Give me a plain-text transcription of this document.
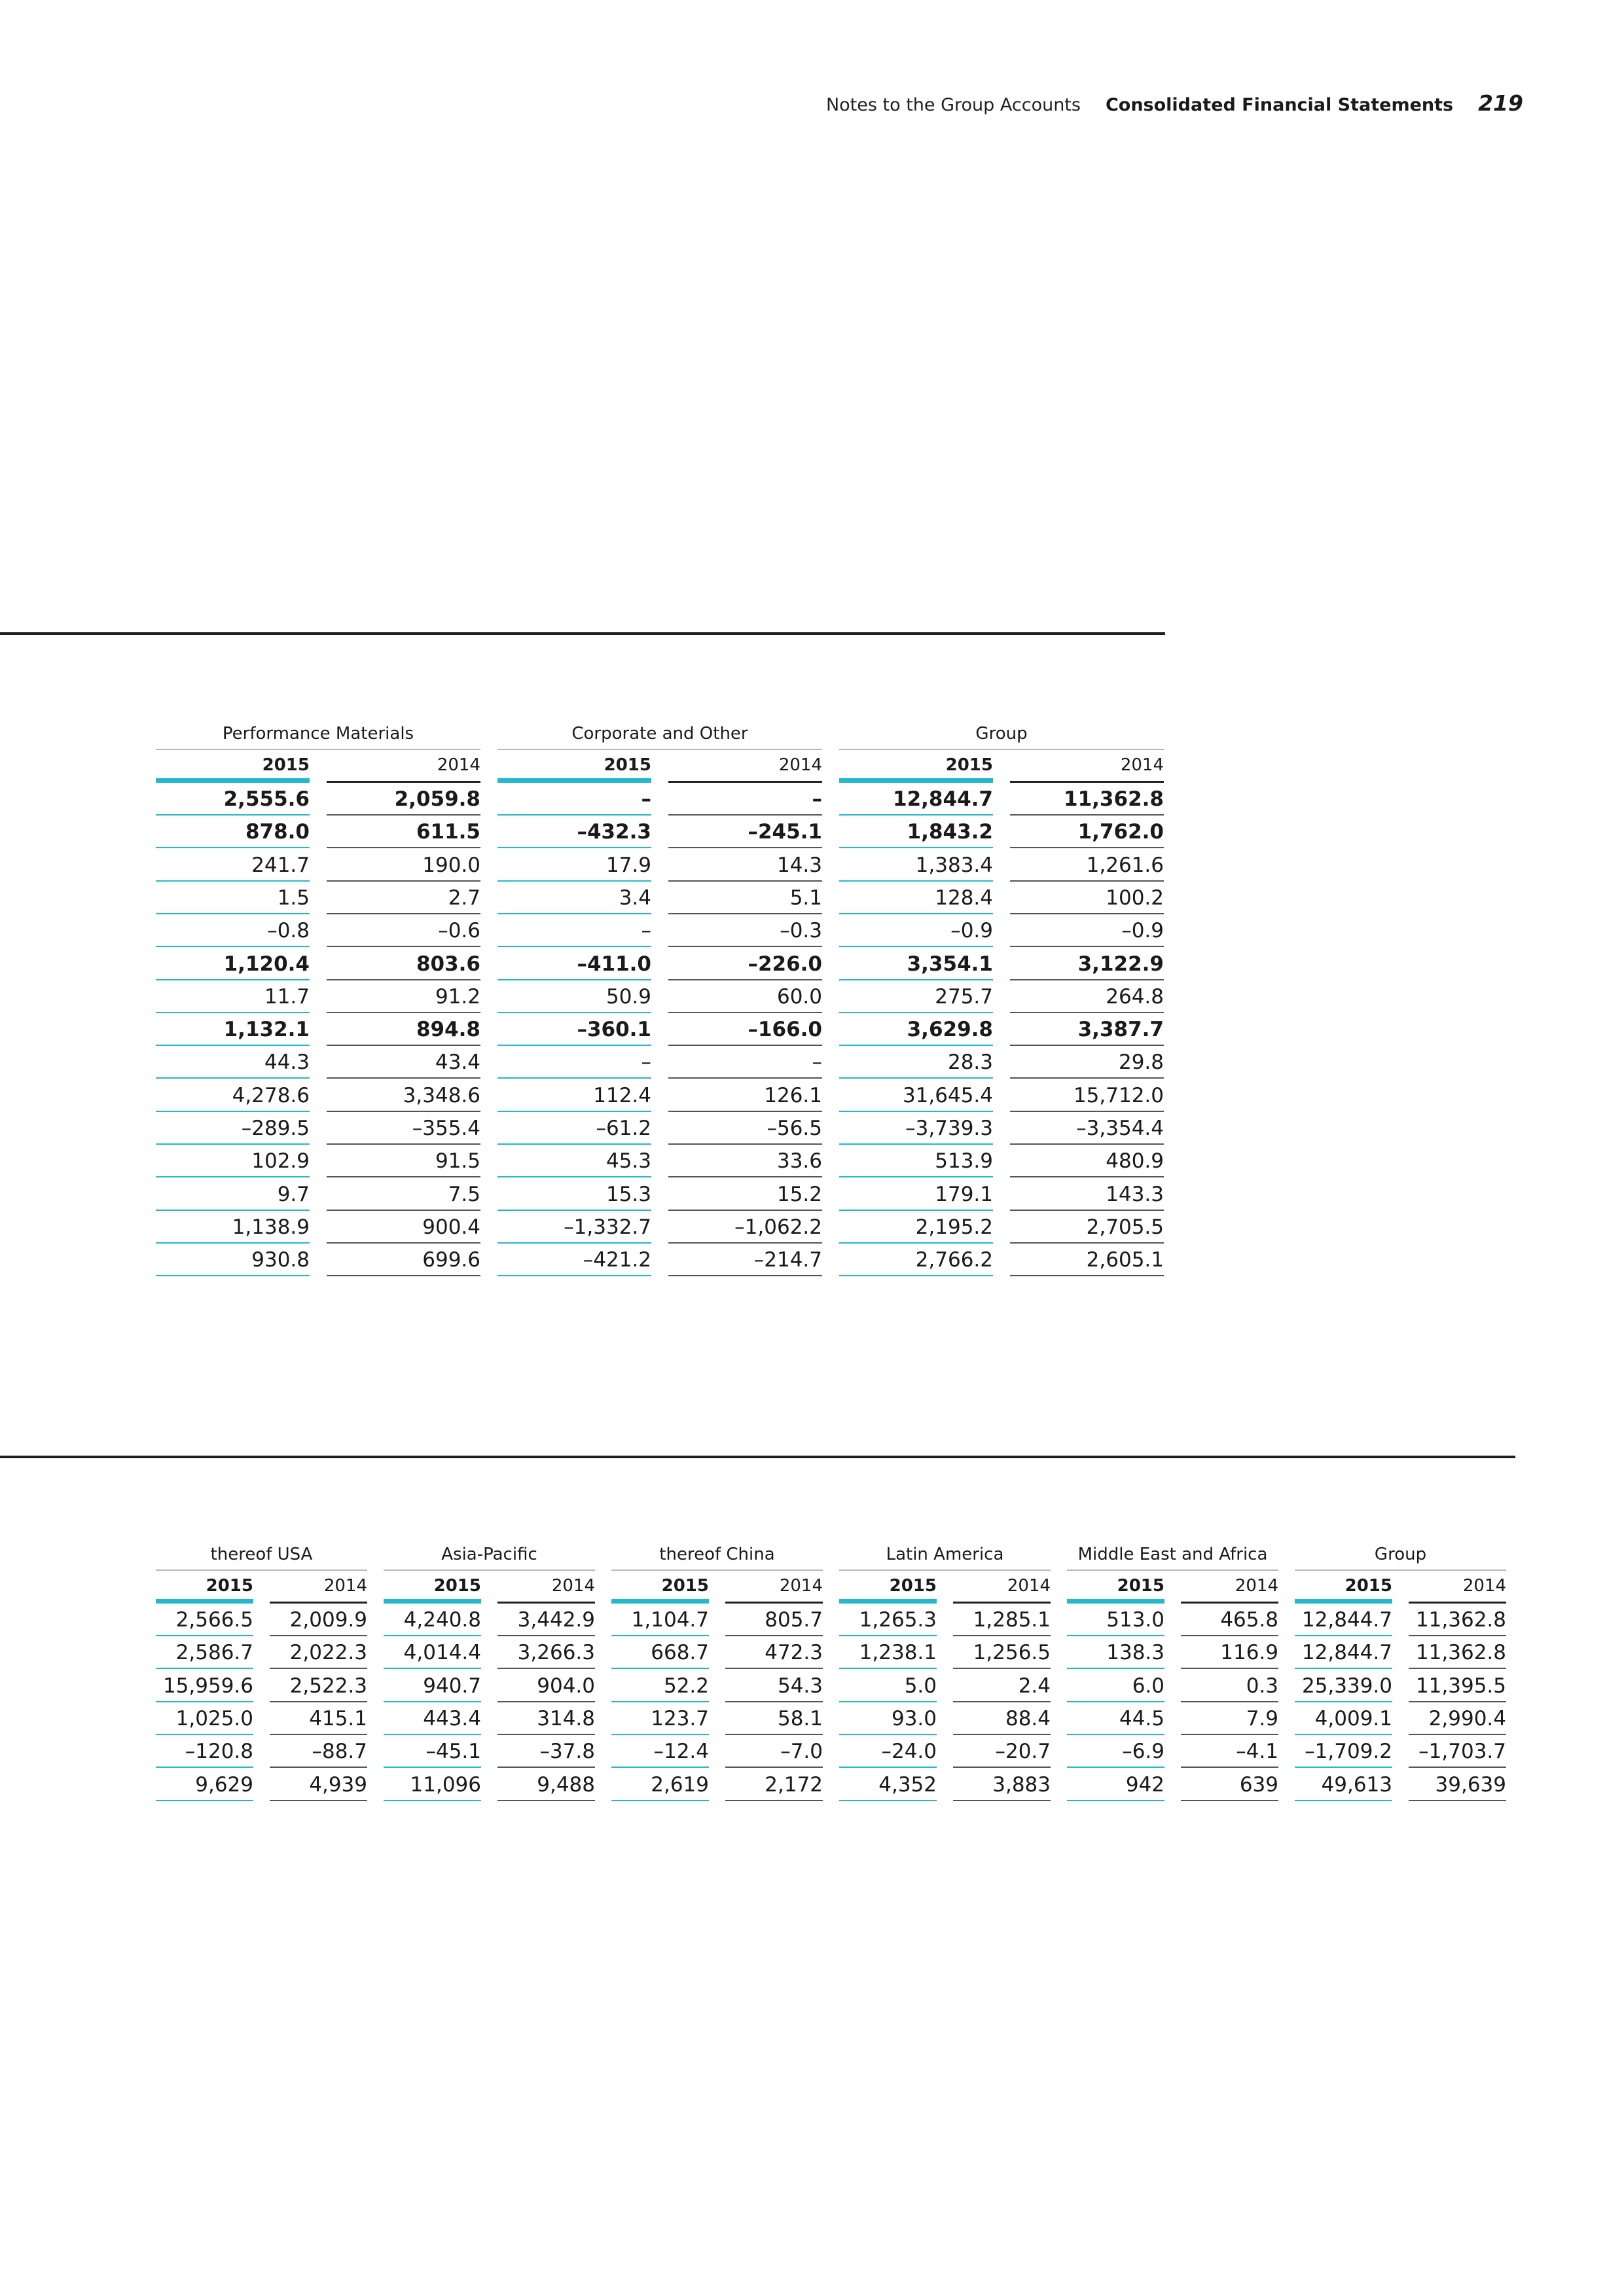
Notes to the Group Accounts Consolidated Financial Statements 219
Performance Materials	Corporate and Other	Group
2015	2014	2015	2014	2015	2014
2,555.6	2,059.8	–	–	12,844.7	11,362.8
878.0	611.5	–432.3	–245.1	1,843.2	1,762.0
241.7	190.0	17.9	14.3	1,383.4	1,261.6
1.5	2.7	3.4	5.1	128.4	100.2
–0.8	–0.6	–	–0.3	–0.9	–0.9
1,120.4	803.6	–411.0	–226.0	3,354.1	3,122.9
11.7	91.2	50.9	60.0	275.7	264.8
1,132.1	894.8	–360.1	–166.0	3,629.8	3,387.7
44.3	43.4	–	–	28.3	29.8
4,278.6	3,348.6	112.4	126.1	31,645.4	15,712.0
–289.5	–355.4	–61.2	–56.5	–3,739.3	–3,354.4
102.9	91.5	45.3	33.6	513.9	480.9
9.7	7.5	15.3	15.2	179.1	143.3
1,138.9	900.4	–1,332.7	–1,062.2	2,195.2	2,705.5
930.8	699.6	–421.2	–214.7	2,766.2	2,605.1
thereof USA	Asia-Pacific	thereof China	Latin America	Middle East and Africa	Group
2015	2014	2015	2014	2015	2014	2015	2014	2015	2014	2015	2014
2,566.5	2,009.9	4,240.8	3,442.9	1,104.7	805.7	1,265.3	1,285.1	513.0	465.8	12,844.7	11,362.8
2,586.7	2,022.3	4,014.4	3,266.3	668.7	472.3	1,238.1	1,256.5	138.3	116.9	12,844.7	11,362.8
15,959.6	2,522.3	940.7	904.0	52.2	54.3	5.0	2.4	6.0	0.3	25,339.0	11,395.5
1,025.0	415.1	443.4	314.8	123.7	58.1	93.0	88.4	44.5	7.9	4,009.1	2,990.4
–120.8	–88.7	–45.1	–37.8	–12.4	–7.0	–24.0	–20.7	–6.9	–4.1	–1,709.2	–1,703.7
9,629	4,939	11,096	9,488	2,619	2,172	4,352	3,883	942	639	49,613	39,639
